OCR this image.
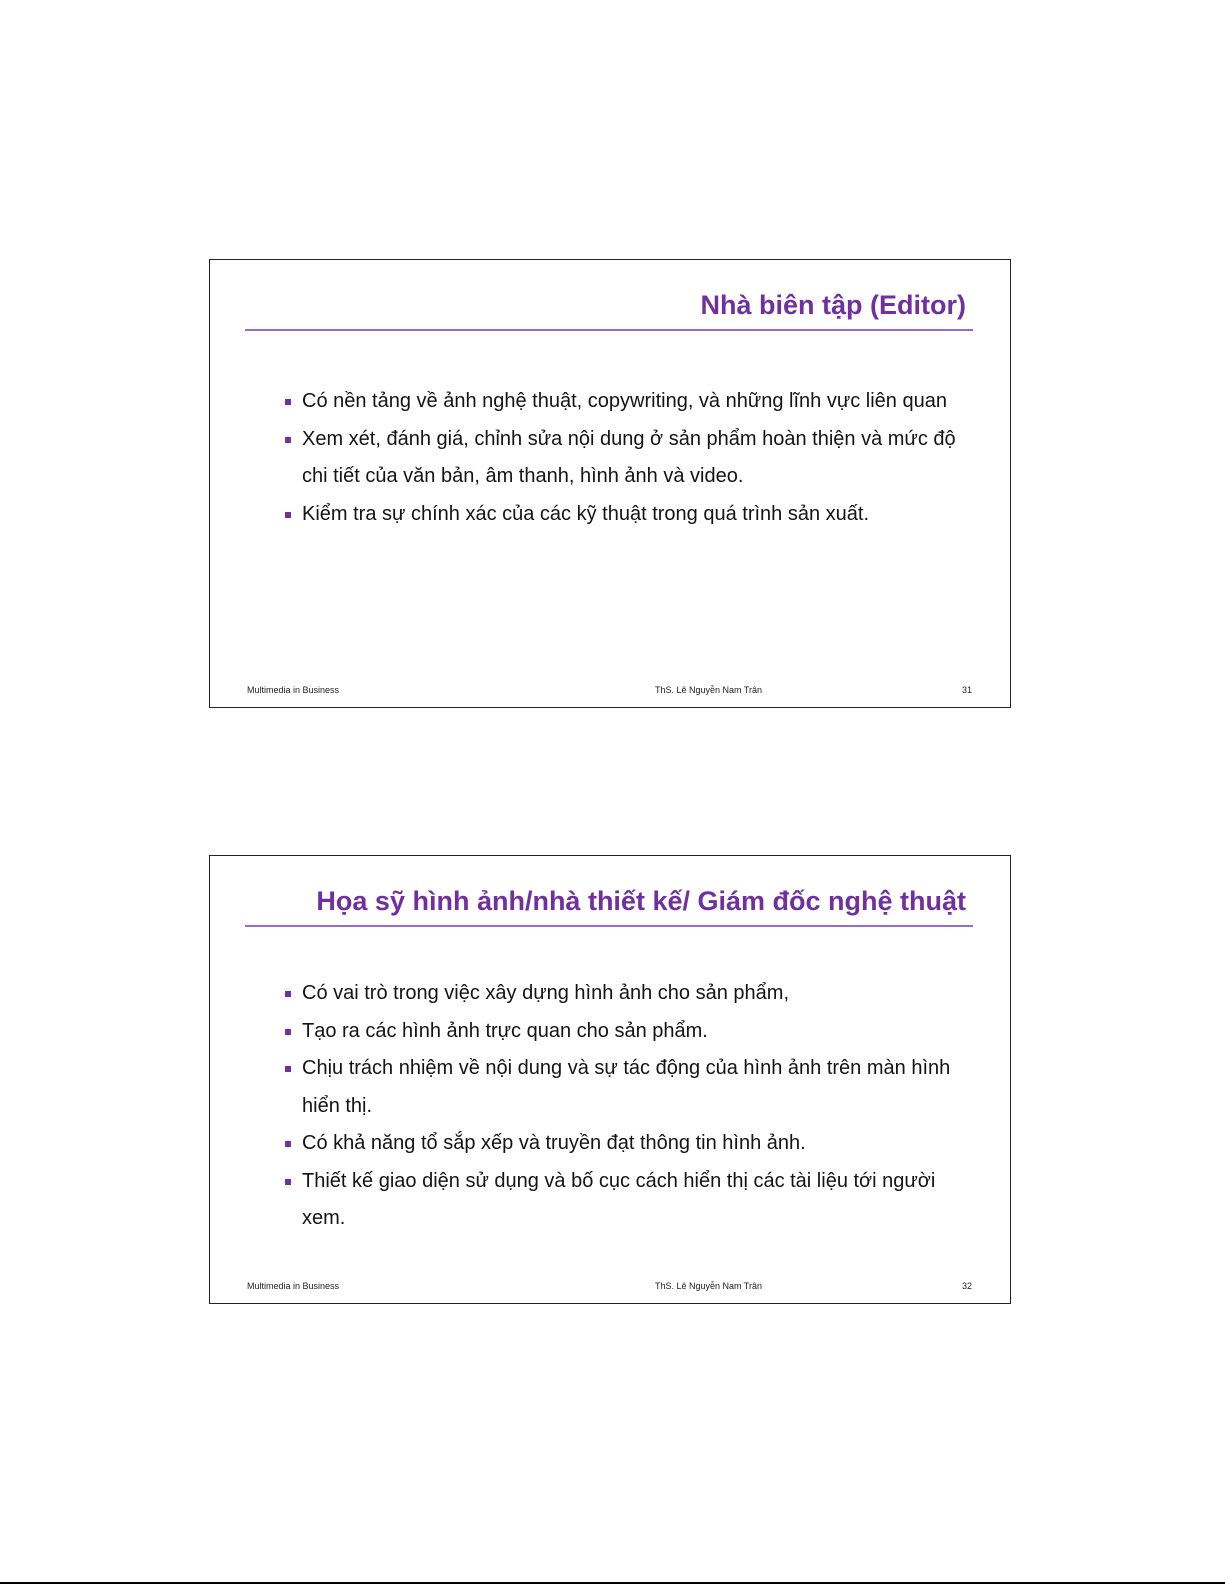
Nhà biên tập (Editor)
Có nền tảng về ảnh nghệ thuật, copywriting, và những lĩnh vực liên quan
Xem xét, đánh giá, chỉnh sửa nội dung ở sản phẩm hoàn thiện và mức độ chi tiết của văn bản, âm thanh, hình ảnh và video.
Kiểm tra sự chính xác của các kỹ thuật trong quá trình sản xuất.
Multimedia in Business	ThS. Lê Nguyễn Nam Trân	31
Họa sỹ hình ảnh/nhà thiết kế/ Giám đốc nghệ thuật
Có vai trò trong việc xây dựng hình ảnh cho sản phẩm,
Tạo ra các hình ảnh trực quan cho sản phẩm.
Chịu trách nhiệm về nội dung và sự tác động của hình ảnh trên màn hình hiển thị.
Có khả năng tổ sắp xếp và truyền đạt thông tin hình ảnh.
Thiết kế giao diện sử dụng và bố cục cách hiển thị các tài liệu tới người xem.
Multimedia in Business	ThS. Lê Nguyễn Nam Trân	32
